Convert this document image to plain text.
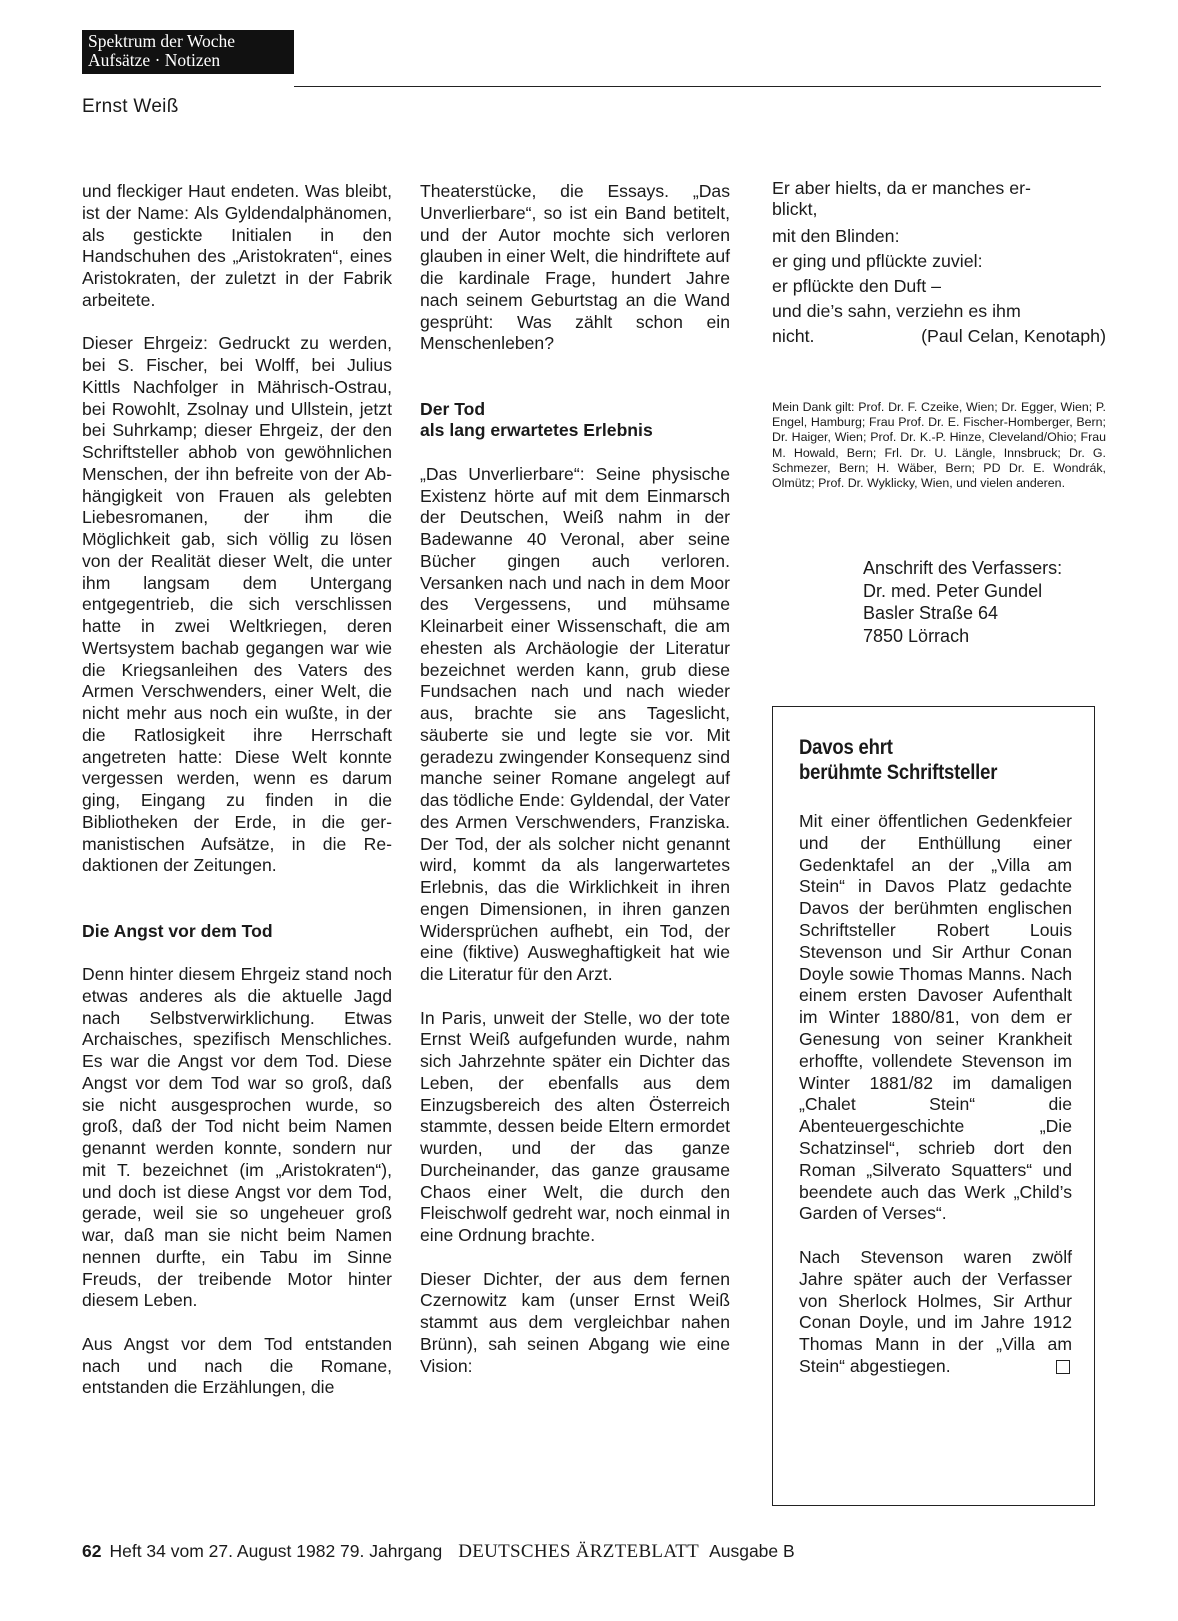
Spektrum der Woche
Aufsätze · Notizen
Ernst Weiß

und fleckiger Haut endeten. Was bleibt, ist der Name: Als Gyldendalphänomen, als gestickte Initialen in den Handschuhen des „Aristokraten“, eines Aristokraten, der zuletzt in der Fabrik arbeitete.

Dieser Ehrgeiz: Gedruckt zu werden, bei S. Fischer, bei Wolff, bei Julius Kittls Nachfolger in Mährisch-Ostrau, bei Rowohlt, Zsolnay und Ullstein, jetzt bei Suhrkamp; dieser Ehrgeiz, der den Schriftsteller abhob von gewöhnlichen Menschen, der ihn befreite von der Abhängigkeit von Frauen als gelebten Liebesromanen, der ihm die Möglichkeit gab, sich völlig zu lösen von der Realität dieser Welt, die unter ihm langsam dem Untergang entgegentrieb, die sich verschlissen hatte in zwei Weltkriegen, deren Wertsystem bachab gegangen war wie die Kriegsanleihen des Vaters des Armen Verschwenders, einer Welt, die nicht mehr aus noch ein wußte, in der die Ratlosigkeit ihre Herrschaft angetreten hatte: Diese Welt konnte vergessen werden, wenn es darum ging, Eingang zu finden in die Bibliotheken der Erde, in die germanistischen Aufsätze, in die Redaktionen der Zeitungen.

Die Angst vor dem Tod

Denn hinter diesem Ehrgeiz stand noch etwas anderes als die aktuelle Jagd nach Selbstverwirklichung. Etwas Archaisches, spezifisch Menschliches. Es war die Angst vor dem Tod. Diese Angst vor dem Tod war so groß, daß sie nicht ausgesprochen wurde, so groß, daß der Tod nicht beim Namen genannt werden konnte, sondern nur mit T. bezeichnet (im „Aristokraten“), und doch ist diese Angst vor dem Tod, gerade, weil sie so ungeheuer groß war, daß man sie nicht beim Namen nennen durfte, ein Tabu im Sinne Freuds, der treibende Motor hinter diesem Leben.

Aus Angst vor dem Tod entstanden nach und nach die Romane, entstanden die Erzählungen, die

Theaterstücke, die Essays. „Das Unverlierbare“, so ist ein Band betitelt, und der Autor mochte sich verloren glauben in einer Welt, die hindriftete auf die kardinale Frage, hundert Jahre nach seinem Geburtstag an die Wand gesprüht: Was zählt schon ein Menschenleben?

Der Tod
als lang erwartetes Erlebnis

„Das Unverlierbare“: Seine physische Existenz hörte auf mit dem Einmarsch der Deutschen, Weiß nahm in der Badewanne 40 Veronal, aber seine Bücher gingen auch verloren. Versanken nach und nach in dem Moor des Vergessens, und mühsame Kleinarbeit einer Wissenschaft, die am ehesten als Archäologie der Literatur bezeichnet werden kann, grub diese Fundsachen nach und nach wieder aus, brachte sie ans Tageslicht, säuberte sie und legte sie vor. Mit geradezu zwingender Konsequenz sind manche seiner Romane angelegt auf das tödliche Ende: Gyldendal, der Vater des Armen Verschwenders, Franziska. Der Tod, der als solcher nicht genannt wird, kommt da als langerwartetes Erlebnis, das die Wirklichkeit in ihren engen Dimensionen, in ihren ganzen Widersprüchen aufhebt, ein Tod, der eine (fiktive) Ausweghaftigkeit hat wie die Literatur für den Arzt.

In Paris, unweit der Stelle, wo der tote Ernst Weiß aufgefunden wurde, nahm sich Jahrzehnte später ein Dichter das Leben, der ebenfalls aus dem Einzugsbereich des alten Österreich stammte, dessen beide Eltern ermordet wurden, und der das ganze Durcheinander, das ganze grausame Chaos einer Welt, die durch den Fleischwolf gedreht war, noch einmal in eine Ordnung brachte.

Dieser Dichter, der aus dem fernen Czernowitz kam (unser Ernst Weiß stammt aus dem vergleichbar nahen Brünn), sah seinen Abgang wie eine Vision:

Er aber hielts, da er manches er-
blickt,
mit den Blinden:
er ging und pflückte zuviel:
er pflückte den Duft –
und die’s sahn, verziehn es ihm
nicht.	(Paul Celan, Kenotaph)
Mein Dank gilt: Prof. Dr. F. Czeike, Wien; Dr. Egger, Wien; P. Engel, Hamburg; Frau Prof. Dr. E. Fischer-Homberger, Bern; Dr. Haiger, Wien; Prof. Dr. K.-P. Hinze, Cleveland/Ohio; Frau M. Howald, Bern; Frl. Dr. U. Längle, Innsbruck; Dr. G. Schmezer, Bern; H. Wäber, Bern; PD Dr. E. Wondrák, Olmütz; Prof. Dr. Wyklicky, Wien, und vielen anderen.
Anschrift des Verfassers:
Dr. med. Peter Gundel
Basler Straße 64
7850 Lörrach
Davos ehrt
berühmte Schriftsteller

Mit einer öffentlichen Gedenkfeier und der Enthüllung einer Gedenktafel an der „Villa am Stein“ in Davos Platz gedachte Davos der berühmten englischen Schriftsteller Robert Louis Stevenson und Sir Arthur Conan Doyle sowie Thomas Manns. Nach einem ersten Davoser Aufenthalt im Winter 1880/81, von dem er Genesung von seiner Krankheit erhoffte, vollendete Stevenson im Winter 1881/82 im damaligen „Chalet Stein“ die Abenteuergeschichte „Die Schatzinsel“, schrieb dort den Roman „Silverato Squatters“ und beendete auch das Werk „Child’s Garden of Verses“.

Nach Stevenson waren zwölf Jahre später auch der Verfasser von Sherlock Holmes, Sir Arthur Conan Doyle, und im Jahre 1912 Thomas Mann in der „Villa am Stein“ abgestiegen.

62 Heft 34 vom 27. August 1982 79. Jahrgang DEUTSCHES ÄRZTEBLATT Ausgabe B
